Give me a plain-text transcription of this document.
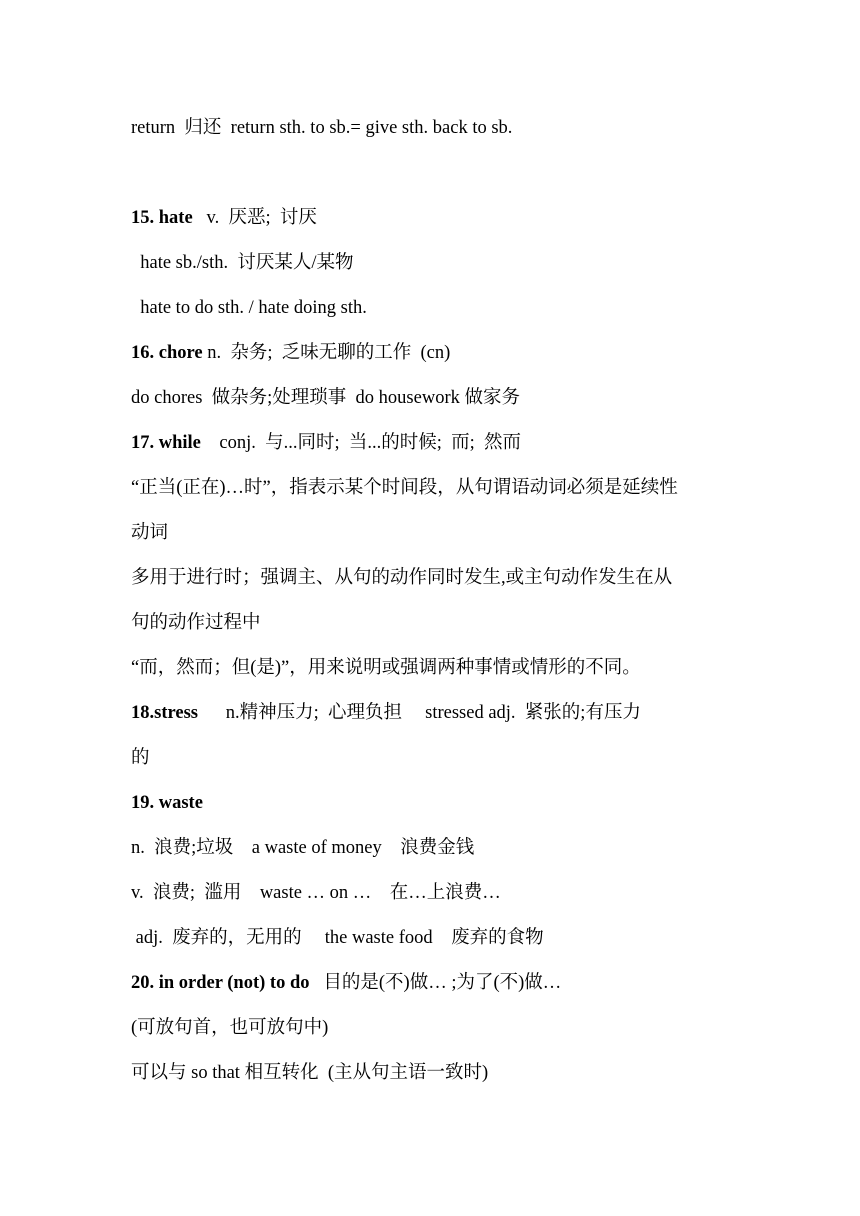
return  归还  return sth. to sb.= give sth. back to sb.
15. hate   v.  厌恶;  讨厌
hate sb./sth.  讨厌某人/某物
hate to do sth. / hate doing sth.
16. chore n.  杂务;  乏味无聊的工作  (cn)
do chores  做杂务;处理琐事  do housework 做家务
17. while    conj.  与...同时;  当...的时候;  而;  然而
“正当(正在)…时”，指表示某个时间段，从句谓语动词必须是延续性
动词
多用于进行时；强调主、从句的动作同时发生,或主句动作发生在从
句的动作过程中
“而，然而；但(是)”，用来说明或强调两种事情或情形的不同。
18.stress      n.精神压力;  心理负担     stressed adj.  紧张的;有压力
的
19. waste
n.  浪费;垃圾    a waste of money    浪费金钱
v.  浪费;  滥用    waste … on …    在…上浪费…
adj.  废弃的，无用的     the waste food    废弃的食物
20. in order (not) to do   目的是(不)做… ;为了(不)做…
(可放句首，也可放句中)
可以与 so that 相互转化  (主从句主语一致时)
